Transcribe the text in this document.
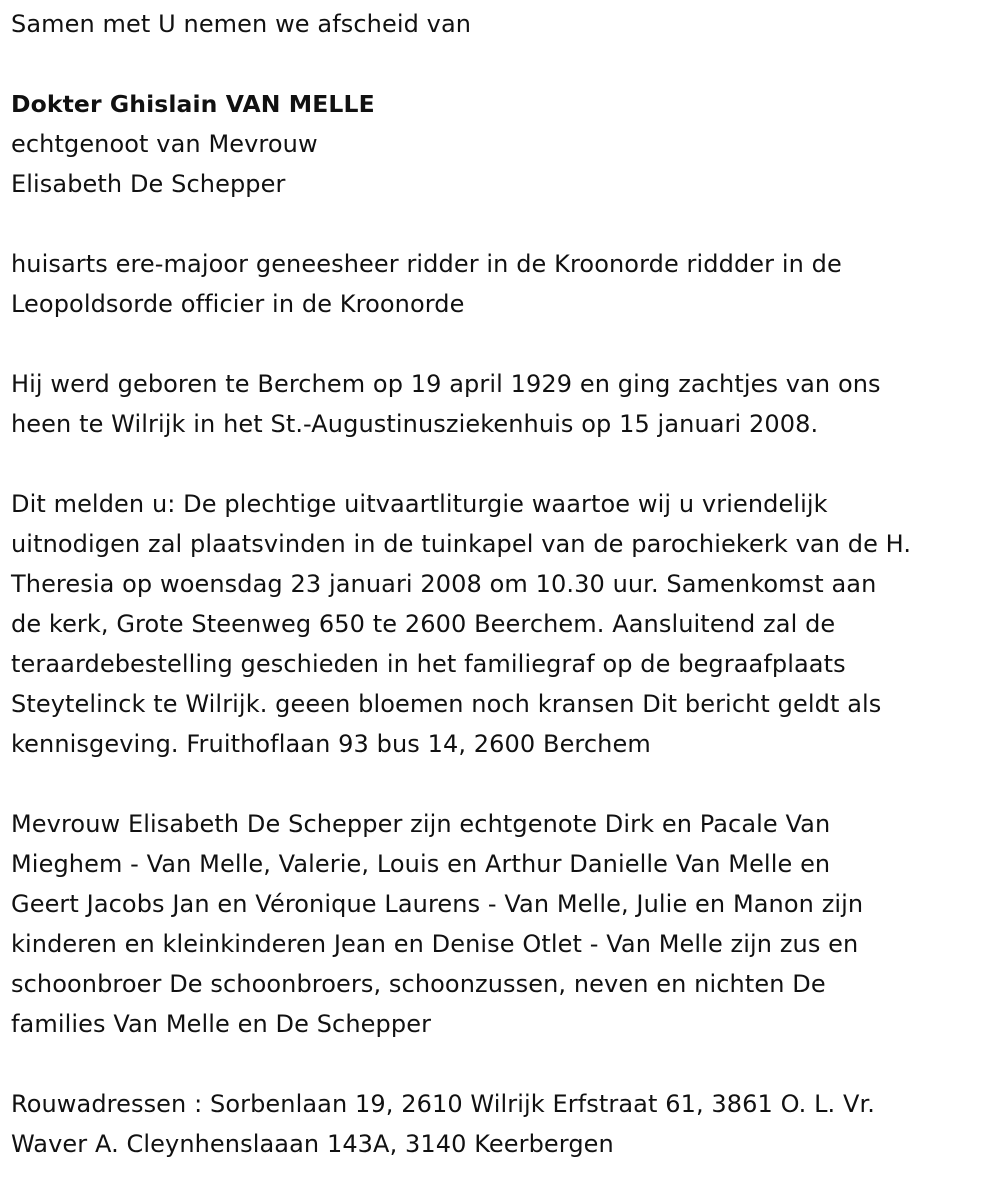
Samen met U nemen we afscheid van

Dokter Ghislain VAN MELLE

echtgenoot van Mevrouw

Elisabeth De Schepper

huisarts ere-majoor geneesheer ridder in de Kroonorde riddder in de

Leopoldsorde officier in de Kroonorde

Hij werd geboren te Berchem op 19 april 1929 en ging zachtjes van ons

heen te Wilrijk in het St.-Augustinusziekenhuis op 15 januari 2008.

Dit melden u: De plechtige uitvaartliturgie waartoe wij u vriendelijk

uitnodigen zal plaatsvinden in de tuinkapel van de parochiekerk van de H.

Theresia op woensdag 23 januari 2008 om 10.30 uur. Samenkomst aan

de kerk, Grote Steenweg 650 te 2600 Beerchem. Aansluitend zal de

teraardebestelling geschieden in het familiegraf op de begraafplaats

Steytelinck te Wilrijk. geeen bloemen noch kransen Dit bericht geldt als

kennisgeving. Fruithoflaan 93 bus 14, 2600 Berchem

Mevrouw Elisabeth De Schepper zijn echtgenote Dirk en Pacale Van

Mieghem - Van Melle, Valerie, Louis en Arthur Danielle Van Melle en

Geert Jacobs Jan en Véronique Laurens - Van Melle, Julie en Manon zijn

kinderen en kleinkinderen Jean en Denise Otlet - Van Melle zijn zus en

schoonbroer De schoonbroers, schoonzussen, neven en nichten De

families Van Melle en De Schepper

Rouwadressen : Sorbenlaan 19, 2610 Wilrijk Erfstraat 61, 3861 O. L. Vr.

Waver A. Cleynhenslaaan 143A, 3140 Keerbergen
